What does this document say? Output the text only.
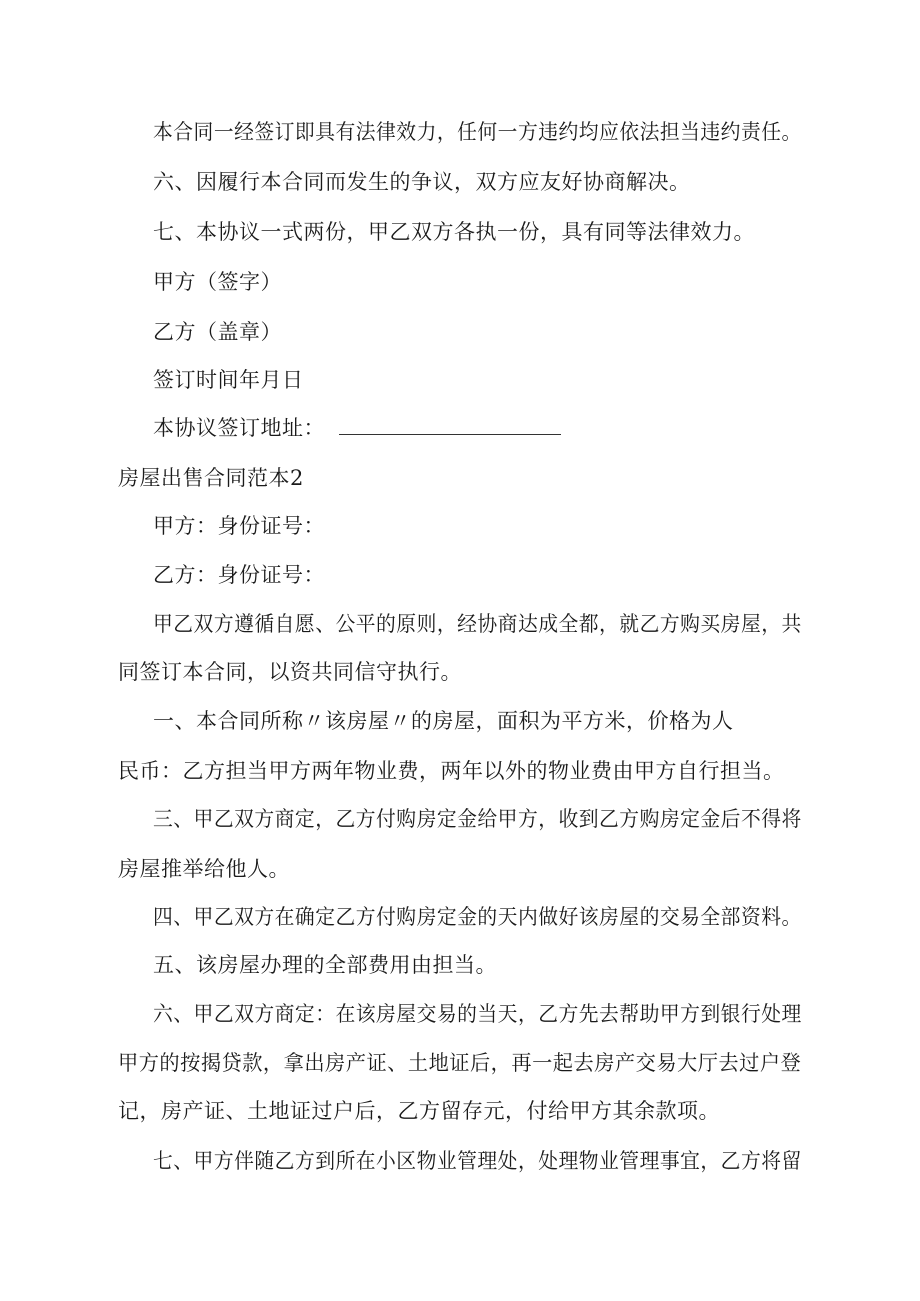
本合同一经签订即具有法律效力，任何一方违约均应依法担当违约责任。
六、因履行本合同而发生的争议，双方应友好协商解决。
七、本协议一式两份，甲乙双方各执一份，具有同等法律效力。
甲方（签字）
乙方（盖章）
签订时间年月日
本协议签订地址：
房屋出售合同范本2
甲方：身份证号：
乙方：身份证号：
甲乙双方遵循自愿、公平的原则，经协商达成全都，就乙方购买房屋，共
同签订本合同，以资共同信守执行。
一、本合同所称〃该房屋〃的房屋，面积为平方米，价格为人
民币：乙方担当甲方两年物业费，两年以外的物业费由甲方自行担当。
三、甲乙双方商定，乙方付购房定金给甲方，收到乙方购房定金后不得将
房屋推举给他人。
四、甲乙双方在确定乙方付购房定金的天内做好该房屋的交易全部资料。
五、该房屋办理的全部费用由担当。
六、甲乙双方商定：在该房屋交易的当天，乙方先去帮助甲方到银行处理
甲方的按揭贷款，拿出房产证、土地证后，再一起去房产交易大厅去过户登
记，房产证、土地证过户后，乙方留存元，付给甲方其余款项。
七、甲方伴随乙方到所在小区物业管理处，处理物业管理事宜，乙方将留
